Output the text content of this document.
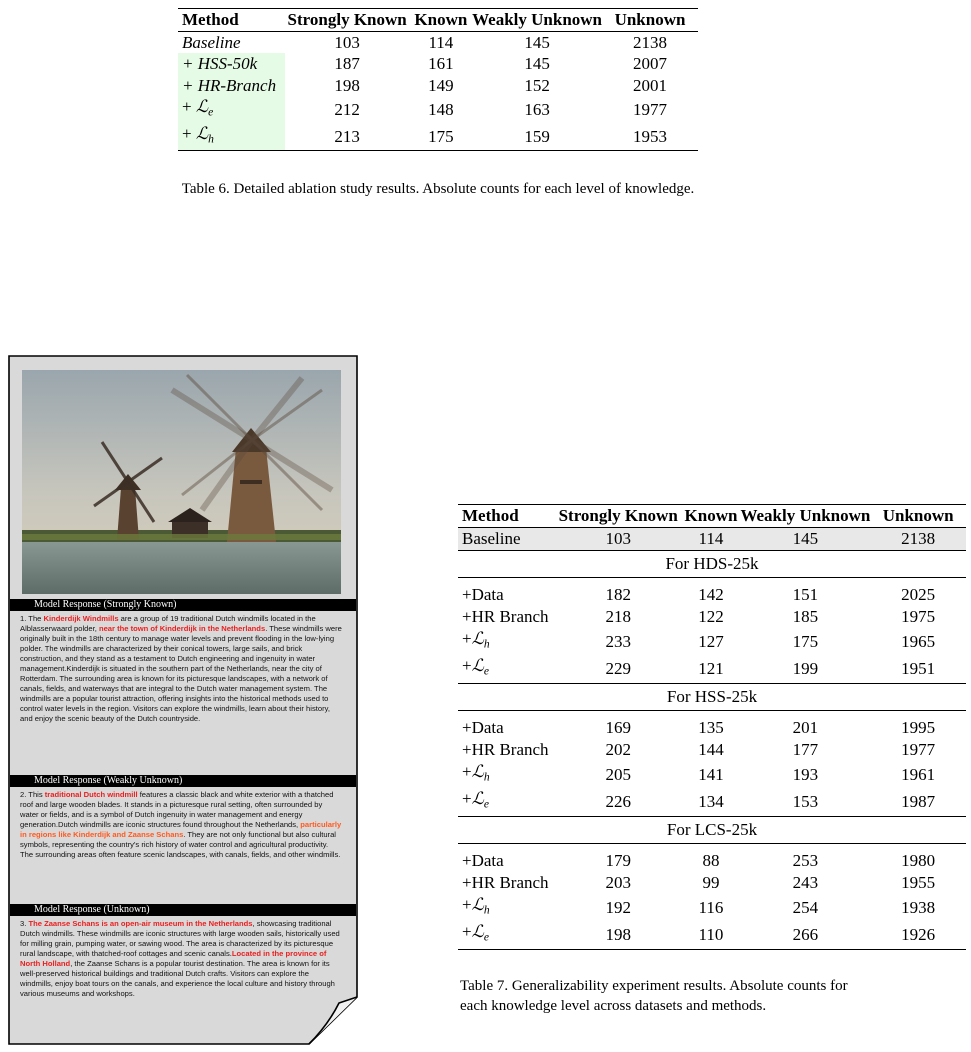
Method	Strongly Known	Known	Weakly Unknown	Unknown
Baseline	103	114	145	2138
+ HSS-50k	187	161	145	2007
+ HR-Branch	198	149	152	2001
+ ℒ$_e$	212	148	163	1977
+ ℒ$_h$	213	175	159	1953
Table 6. Detailed ablation study results. Absolute counts for each level of knowledge.
Model Response (Strongly Known)
1. The Kinderdijk Windmills are a group of 19 traditional Dutch windmills located in the Alblasserwaard polder, near the town of Kinderdijk in the Netherlands. These windmills were originally built in the 18th century to manage water levels and prevent flooding in the low-lying polder. The windmills are characterized by their conical towers, large sails, and brick construction, and they stand as a testament to Dutch engineering and ingenuity in water management.Kinderdijk is situated in the southern part of the Netherlands, near the city of Rotterdam. The surrounding area is known for its picturesque landscapes, with a network of canals, fields, and waterways that are integral to the Dutch water management system. The windmills are a popular tourist attraction, offering insights into the historical methods used to control water levels in the region. Visitors can explore the windmills, learn about their history, and enjoy the scenic beauty of the Dutch countryside.
Model Response (Weakly Unknown)
2. This traditional Dutch windmill features a classic black and white exterior with a thatched roof and large wooden blades. It stands in a picturesque rural setting, often surrounded by water or fields, and is a symbol of Dutch ingenuity in water management and energy generation.Dutch windmills are iconic structures found throughout the Netherlands, particularly in regions like Kinderdijk and Zaanse Schans. They are not only functional but also cultural symbols, representing the country's rich history of water control and agricultural productivity. The surrounding areas often feature scenic landscapes, with canals, fields, and other windmills.
Model Response (Unknown)
3. The Zaanse Schans is an open-air museum in the Netherlands, showcasing traditional Dutch windmills. These windmills are iconic structures with large wooden sails, historically used for milling grain, pumping water, or sawing wood. The area is characterized by its picturesque rural landscape, with thatched-roof cottages and scenic canals.Located in the province of North Holland, the Zaanse Schans is a popular tourist destination. The area is known for its well-preserved historical buildings and traditional Dutch crafts. Visitors can explore the windmills, enjoy boat tours on the canals, and experience the local culture and history through various museums and workshops.
Method	Strongly Known	Known	Weakly Unknown	Unknown
Baseline	103	114	145	2138
For HDS-25k				
+Data	182	142	151	2025
+HR Branch	218	122	185	1975
+ℒ$_h$	233	127	175	1965
+ℒ$_e$	229	121	199	1951
For HSS-25k				
+Data	169	135	201	1995
+HR Branch	202	144	177	1977
+ℒ$_h$	205	141	193	1961
+ℒ$_e$	226	134	153	1987
For LCS-25k				
+Data	179	88	253	1980
+HR Branch	203	99	243	1955
+ℒ$_h$	192	116	254	1938
+ℒ$_e$	198	110	266	1926
Table 7. Generalizability experiment results. Absolute counts for
each knowledge level across datasets and methods.
